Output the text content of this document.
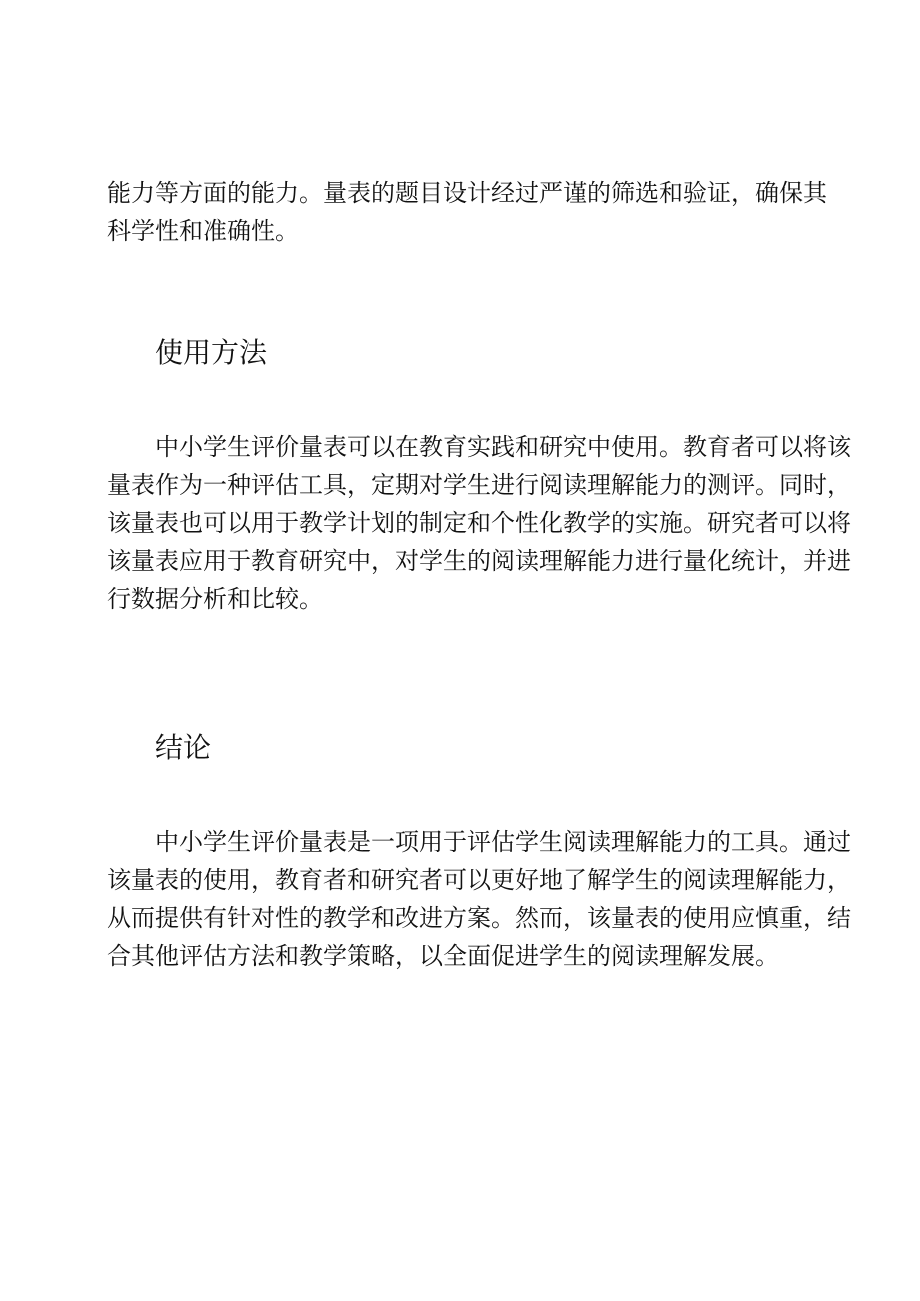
能力等方面的能力。量表的题目设计经过严谨的筛选和验证，确保其
科学性和准确性。

使用方法

中小学生评价量表可以在教育实践和研究中使用。教育者可以将该
量表作为一种评估工具，定期对学生进行阅读理解能力的测评。同时，
该量表也可以用于教学计划的制定和个性化教学的实施。研究者可以将
该量表应用于教育研究中，对学生的阅读理解能力进行量化统计，并进
行数据分析和比较。

结论

中小学生评价量表是一项用于评估学生阅读理解能力的工具。通过
该量表的使用，教育者和研究者可以更好地了解学生的阅读理解能力，
从而提供有针对性的教学和改进方案。然而，该量表的使用应慎重，结
合其他评估方法和教学策略，以全面促进学生的阅读理解发展。
